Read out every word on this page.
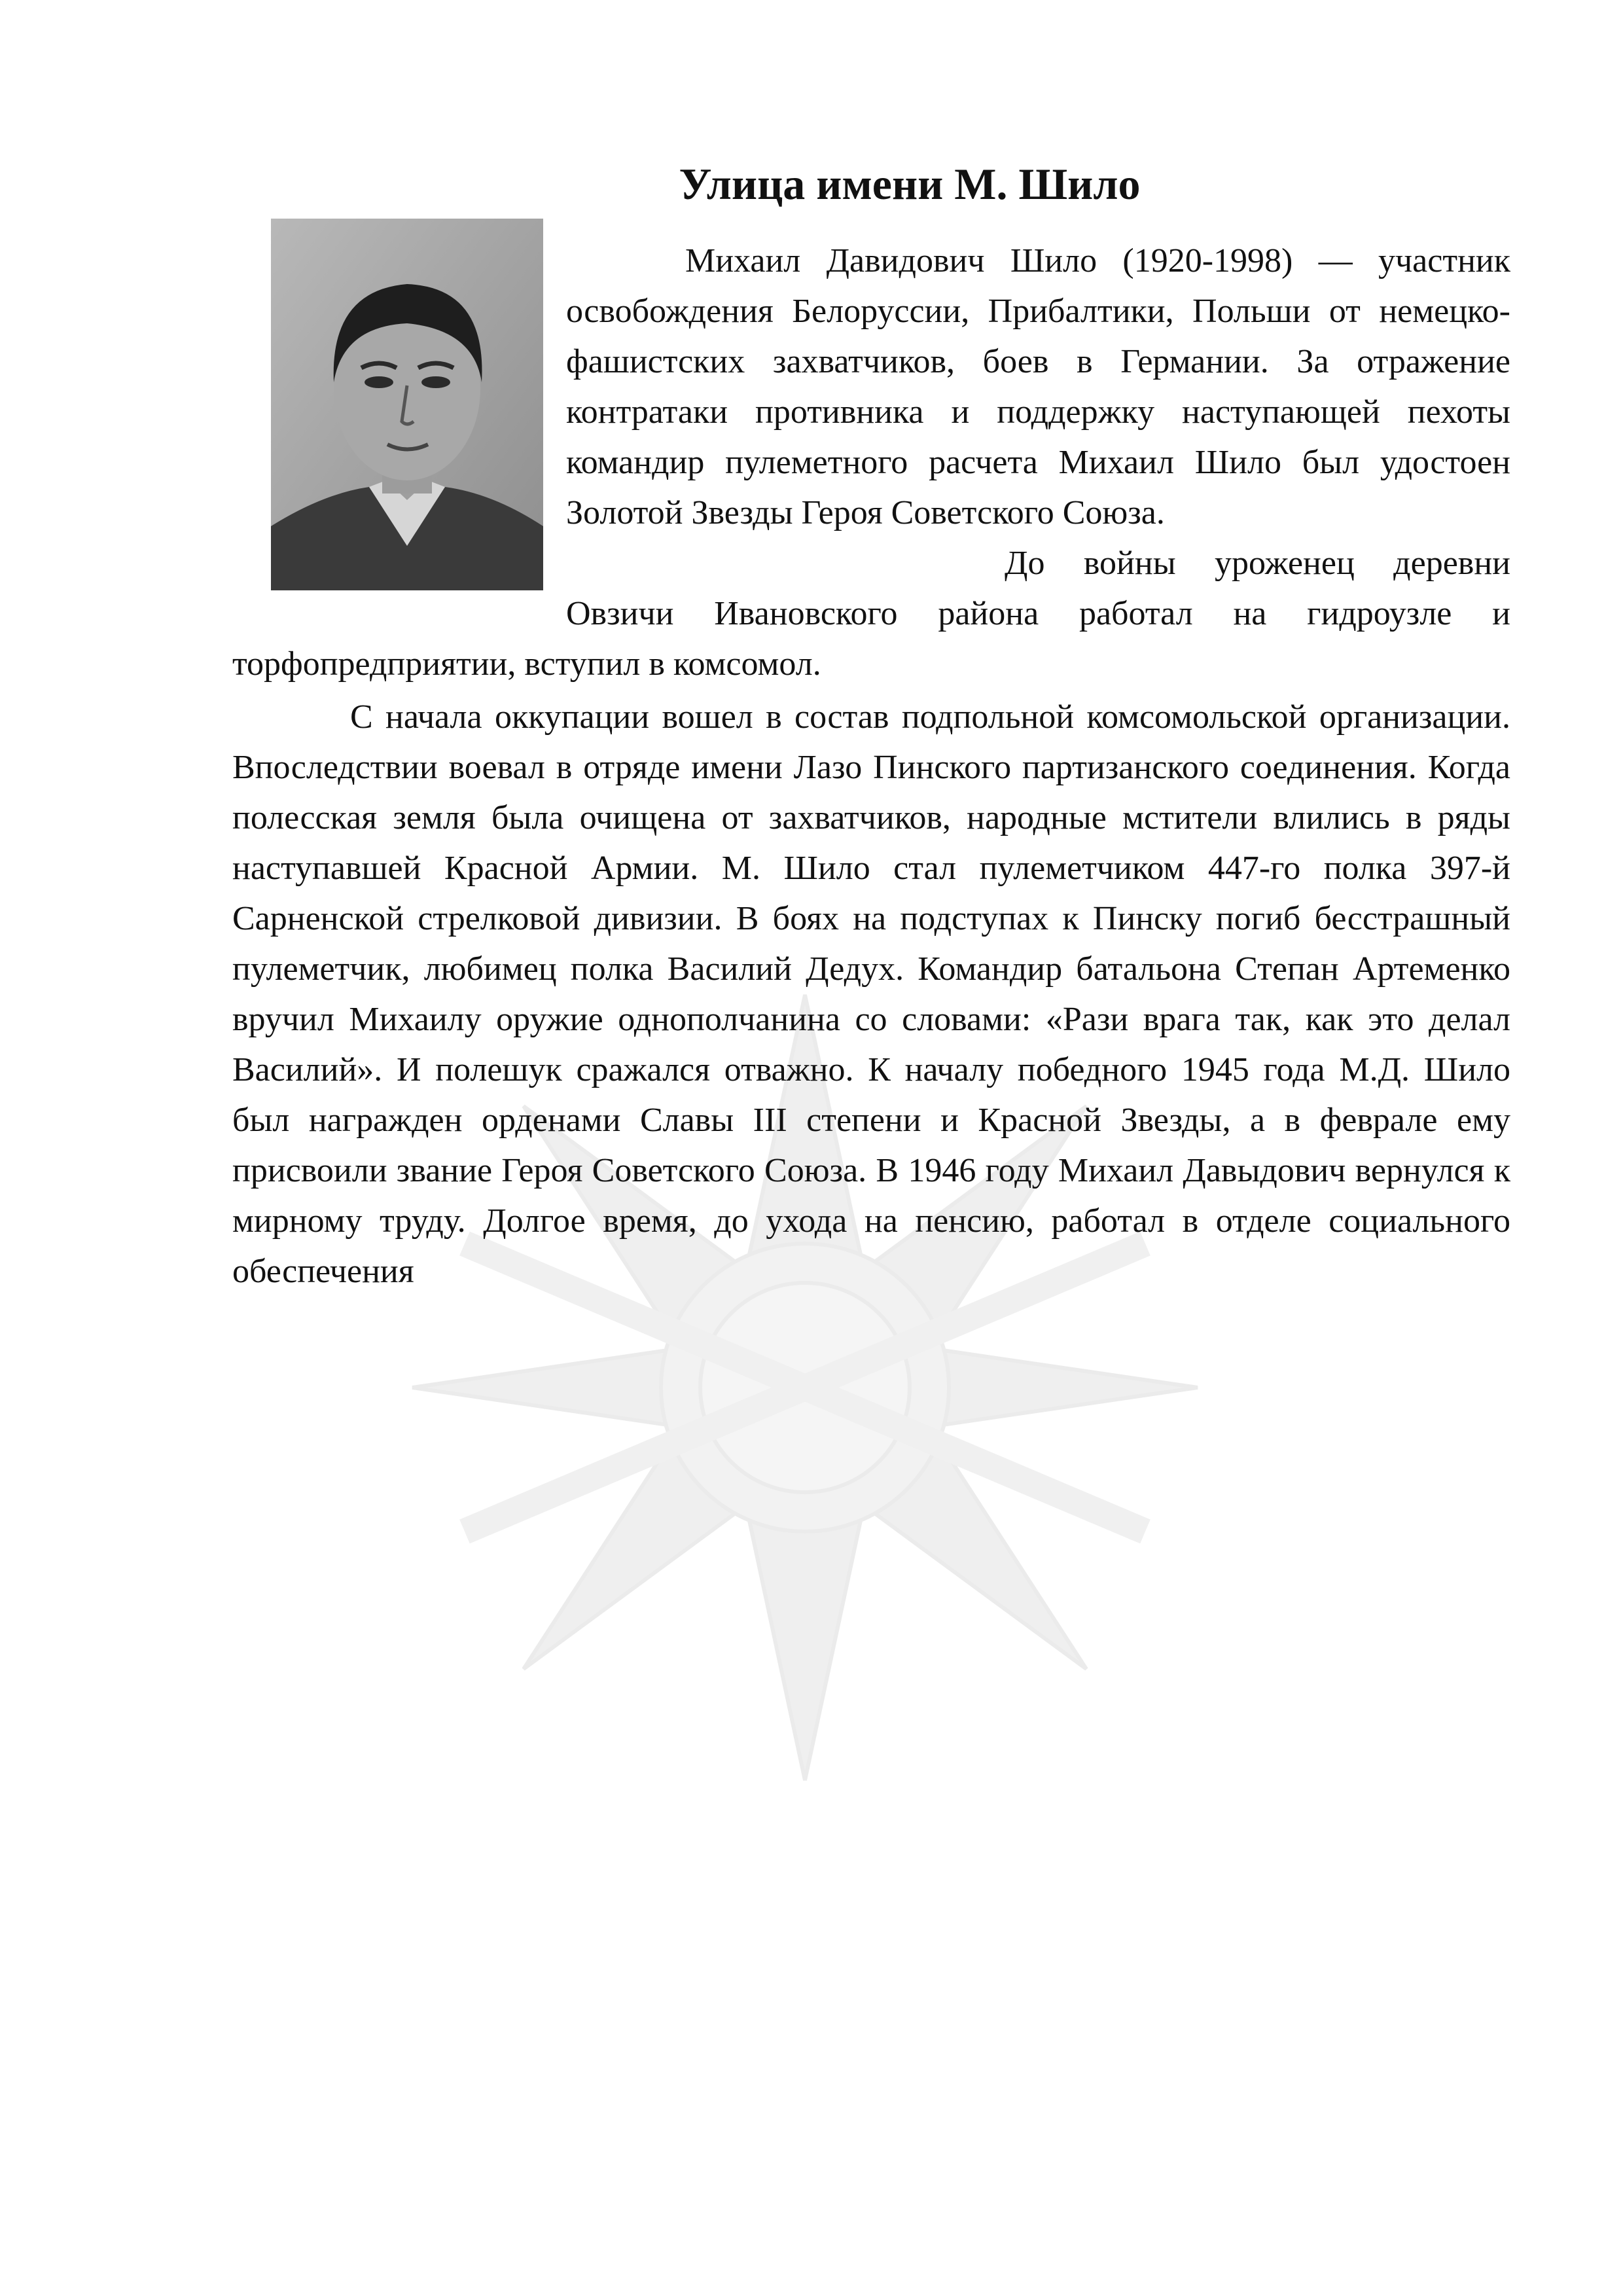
Улица имени М. Шило

Михаил Давидович Шило (1920-1998) — участник освобождения Белоруссии, Прибалтики, Польши от немецко-фашистских захватчиков, боев в Германии. За отражение контратаки противника и поддержку наступающей пехоты командир пулеметного расчета Михаил Шило был удостоен Золотой Звезды Героя Советского Союза.

До войны уроженец деревни Овзичи Ивановского района работал на гидроузле и торфопредприятии, вступил в комсомол.

С начала оккупации вошел в состав подпольной комсомольской организации. Впоследствии воевал в отряде имени Лазо Пинского партизанского соединения. Когда полесская земля была очищена от захватчиков, народные мстители влились в ряды наступавшей Красной Армии. М. Шило стал пулеметчиком 447-го полка 397-й Сарненской стрелковой дивизии. В боях на подступах к Пинску погиб бесстрашный пулеметчик, любимец полка Василий Дедух. Командир батальона Степан Артеменко вручил Михаилу оружие однополчанина со словами: «Рази врага так, как это делал Василий». И полешук сражался отважно. К началу победного 1945 года М.Д. Шило был награжден орденами Славы III степени и Красной Звезды, а в феврале ему присвоили звание Героя Советского Союза. В 1946 году Михаил Давыдович вернулся к мирному труду. Долгое время, до ухода на пенсию, работал в отделе социального обеспечения
